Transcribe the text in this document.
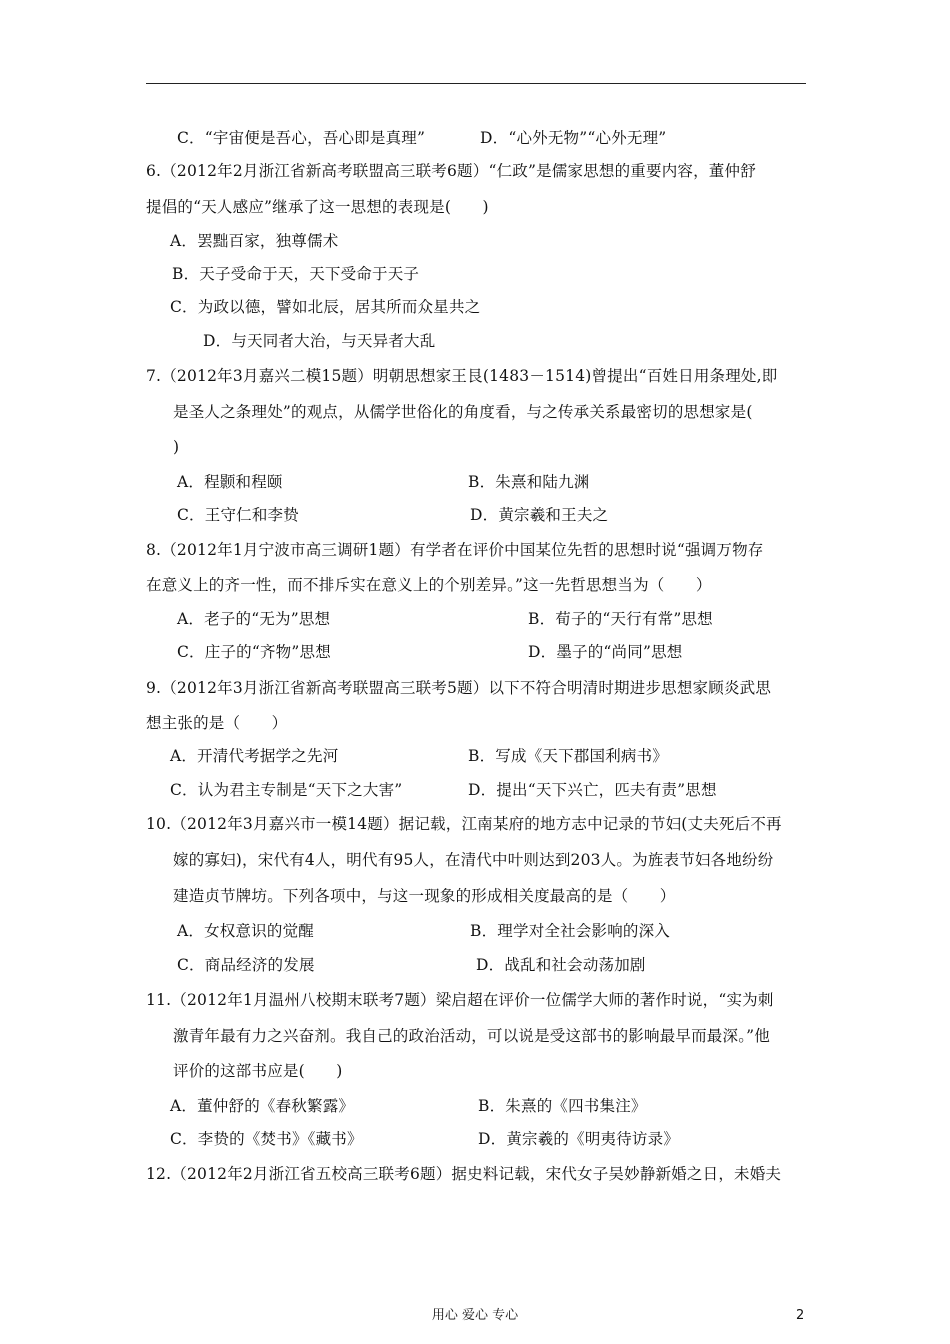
C．“宇宙便是吾心，吾心即是真理”	D．“心外无物”“心外无理”
6.（2012年2月浙江省新高考联盟高三联考6题）“仁政”是儒家思想的重要内容，董仲舒
提倡的“天人感应”继承了这一思想的表现是(　　)
A．罢黜百家，独尊儒术
B．天子受命于天，天下受命于天子
C．为政以德，譬如北辰，居其所而众星共之
D．与天同者大治，与天异者大乱
7.（2012年3月嘉兴二模15题）明朝思想家王艮(1483－1514)曾提出“百姓日用条理处,即
是圣人之条理处”的观点，从儒学世俗化的角度看，与之传承关系最密切的思想家是(
)
A．程颢和程颐	B．朱熹和陆九渊
C．王守仁和李贽	D．黄宗羲和王夫之
8.（2012年1月宁波市高三调研1题）有学者在评价中国某位先哲的思想时说“强调万物存
在意义上的齐一性，而不排斥实在意义上的个别差异。”这一先哲思想当为（　　）
A．老子的“无为”思想	B．荀子的“天行有常”思想
C．庄子的“齐物”思想	D．墨子的“尚同”思想
9.（2012年3月浙江省新高考联盟高三联考5题）以下不符合明清时期进步思想家顾炎武思
想主张的是（　　）
A．开清代考据学之先河	B．写成《天下郡国利病书》
C．认为君主专制是“天下之大害”	D．提出“天下兴亡，匹夫有责”思想
10.（2012年3月嘉兴市一模14题）据记载，江南某府的地方志中记录的节妇(丈夫死后不再
嫁的寡妇)，宋代有4人，明代有95人，在清代中叶则达到203人。为旌表节妇各地纷纷
建造贞节牌坊。下列各项中，与这一现象的形成相关度最高的是（　　）
A．女权意识的觉醒	B．理学对全社会影响的深入
C．商品经济的发展	D．战乱和社会动荡加剧
11.（2012年1月温州八校期末联考7题）梁启超在评价一位儒学大师的著作时说，“实为刺
激青年最有力之兴奋剂。我自己的政治活动，可以说是受这部书的影响最早而最深。”他
评价的这部书应是(　　)
A．董仲舒的《春秋繁露》	B．朱熹的《四书集注》
C．李贽的《焚书》《藏书》	D．黄宗羲的《明夷待访录》
12.（2012年2月浙江省五校高三联考6题）据史料记载，宋代女子吴妙静新婚之日，未婚夫
用心 爱心 专心	2
